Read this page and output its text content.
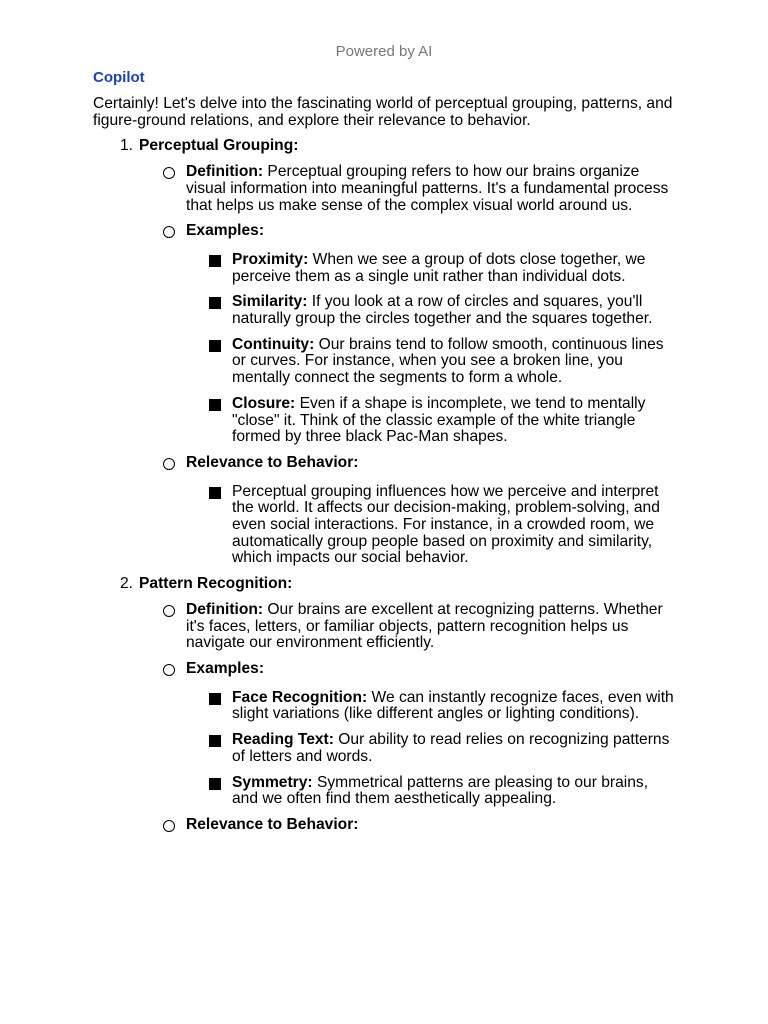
Powered by AI
Copilot

Certainly! Let's delve into the fascinating world of perceptual grouping, patterns, and figure-ground relations, and explore their relevance to behavior.

1. Perceptual Grouping:
Definition: Perceptual grouping refers to how our brains organize visual information into meaningful patterns. It's a fundamental process that helps us make sense of the complex visual world around us.
Examples:
Proximity: When we see a group of dots close together, we perceive them as a single unit rather than individual dots.
Similarity: If you look at a row of circles and squares, you'll naturally group the circles together and the squares together.
Continuity: Our brains tend to follow smooth, continuous lines or curves. For instance, when you see a broken line, you mentally connect the segments to form a whole.
Closure: Even if a shape is incomplete, we tend to mentally "close" it. Think of the classic example of the white triangle formed by three black Pac-Man shapes.
Relevance to Behavior:
Perceptual grouping influences how we perceive and interpret the world. It affects our decision-making, problem-solving, and even social interactions. For instance, in a crowded room, we automatically group people based on proximity and similarity, which impacts our social behavior.
2. Pattern Recognition:
Definition: Our brains are excellent at recognizing patterns. Whether it's faces, letters, or familiar objects, pattern recognition helps us navigate our environment efficiently.
Examples:
Face Recognition: We can instantly recognize faces, even with slight variations (like different angles or lighting conditions).
Reading Text: Our ability to read relies on recognizing patterns of letters and words.
Symmetry: Symmetrical patterns are pleasing to our brains, and we often find them aesthetically appealing.
Relevance to Behavior:
